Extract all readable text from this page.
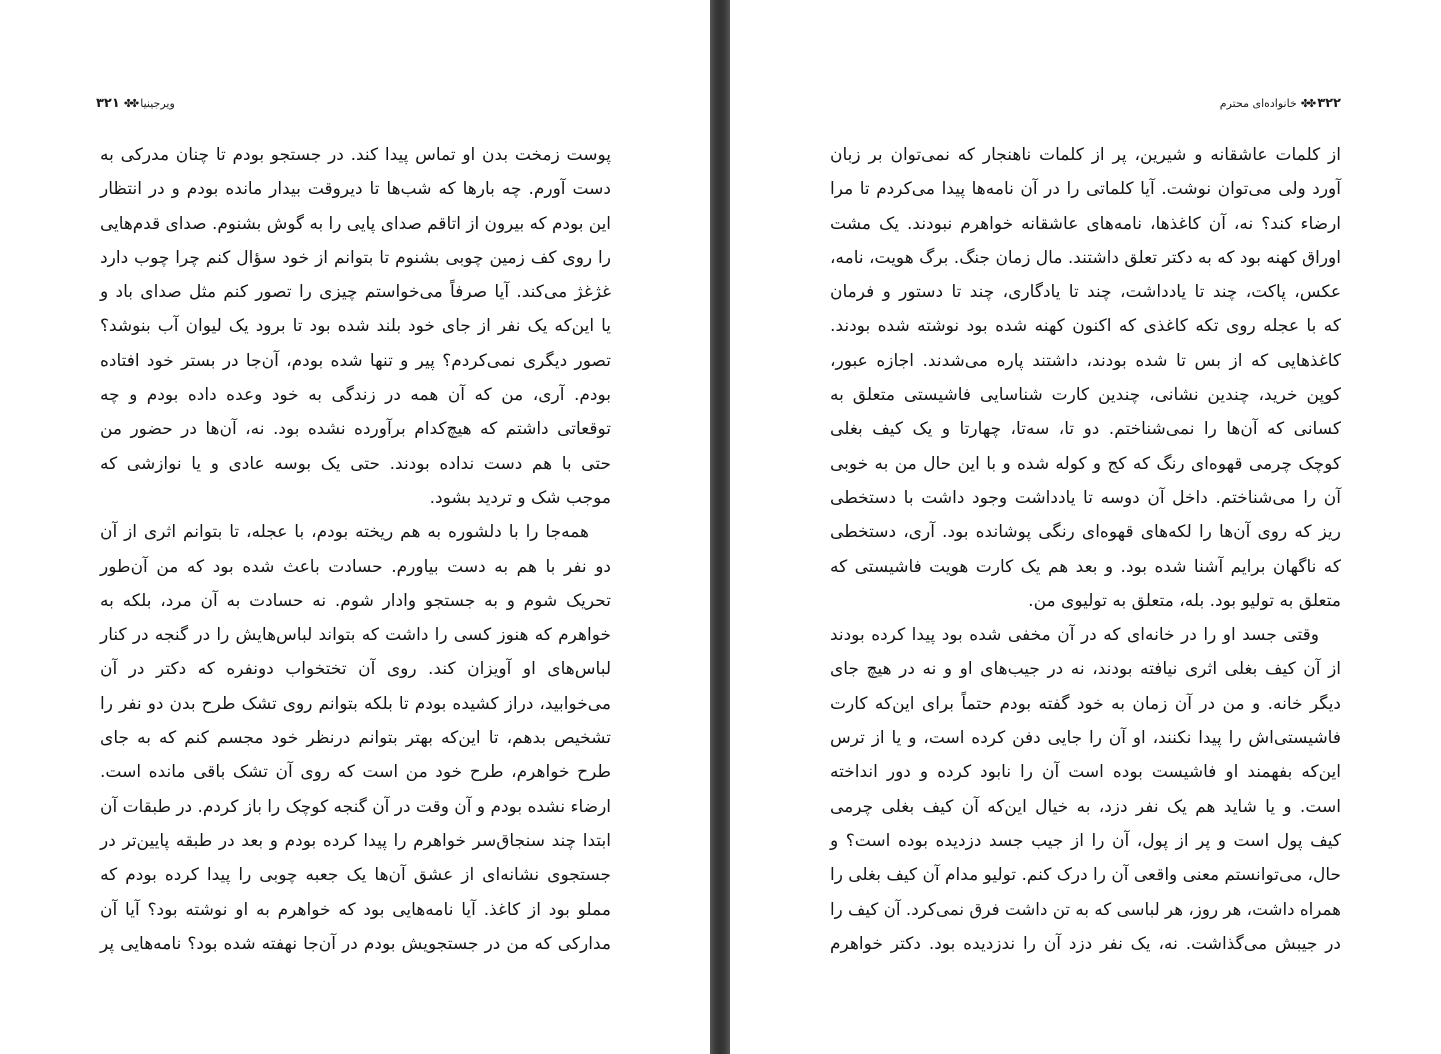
ویرجینیا
✤✤
۳۲۱
پوست زمخت بدن او تماس پیدا کند. در جستجو بودم تا چنان مدرکی به
دست آورم. چه بارها که شب‌ها تا دیروقت بیدار مانده بودم و در انتظار
این بودم که بیرون از اتاقم صدای پایی را به گوش بشنوم. صدای قدم‌هایی
را روی کف زمین چوبی بشنوم تا بتوانم از خود سؤال کنم چرا چوب دارد
غژغژ می‌کند. آیا صرفاً می‌خواستم چیزی را تصور کنم مثل صدای باد و
یا این‌که یک نفر از جای خود بلند شده بود تا برود یک لیوان آب بنوشد؟
تصور دیگری نمی‌کردم؟ پیر و تنها شده بودم، آن‌جا در بستر خود افتاده
بودم. آری، من که آن همه در زندگی به خود وعده داده بودم و چه
توقعاتی داشتم که هیچ‌کدام برآورده نشده بود. نه، آن‌ها در حضور من
حتی با هم دست نداده بودند. حتی یک بوسه عادی و یا نوازشی که
موجب شک و تردید بشود.
همه‌جا را با دلشوره به هم ریخته بودم، با عجله، تا بتوانم اثری از آن
دو نفر با هم به دست بیاورم. حسادت باعث شده بود که من آن‌طور
تحریک شوم و به جستجو وادار شوم. نه حسادت به آن مرد، بلکه به
خواهرم که هنوز کسی را داشت که بتواند لباس‌هایش را در گنجه در کنار
لباس‌های او آویزان کند. روی آن تختخواب دونفره که دکتر در آن
می‌خوابید، دراز کشیده بودم تا بلکه بتوانم روی تشک طرح بدن دو نفر را
تشخیص بدهم، تا این‌که بهتر بتوانم درنظر خود مجسم کنم که به جای
طرح خواهرم، طرح خود من است که روی آن تشک باقی مانده است.
ارضاء نشده بودم و آن وقت در آن گنجه کوچک را باز کردم. در طبقات آن
ابتدا چند سنجاق‌سر خواهرم را پیدا کرده بودم و بعد در طبقه پایین‌تر در
جستجوی نشانه‌ای از عشق آن‌ها یک جعبه چوبی را پیدا کرده بودم که
مملو بود از کاغذ. آیا نامه‌هایی بود که خواهرم به او نوشته بود؟ آیا آن
مدارکی که من در جستجویش بودم در آن‌جا نهفته شده بود؟ نامه‌هایی پر
۳۲۲
✤✤
خانواده‌ای محترم
از کلمات عاشقانه و شیرین، پر از کلمات ناهنجار که نمی‌توان بر زبان
آورد ولی می‌توان نوشت. آیا کلماتی را در آن نامه‌ها پیدا می‌کردم تا مرا
ارضاء کند؟ نه، آن کاغذها، نامه‌های عاشقانه خواهرم نبودند. یک مشت
اوراق کهنه بود که به دکتر تعلق داشتند. مال زمان جنگ. برگ هویت، نامه،
عکس، پاکت، چند تا یادداشت، چند تا یادگاری، چند تا دستور و فرمان
که با عجله روی تکه کاغذی که اکنون کهنه شده بود نوشته شده بودند.
کاغذهایی که از بس تا شده بودند، داشتند پاره می‌شدند. اجازه عبور،
کوپن خرید، چندین نشانی، چندین کارت شناسایی فاشیستی متعلق به
کسانی که آن‌ها را نمی‌شناختم. دو تا، سه‌تا، چهارتا و یک کیف بغلی
کوچک چرمی قهوه‌ای رنگ که کج و کوله شده و با این حال من به خوبی
آن را می‌شناختم. داخل آن دوسه تا یادداشت وجود داشت با دستخطی
ریز که روی آن‌ها را لکه‌های قهوه‌ای رنگی پوشانده بود. آری، دستخطی
که ناگهان برایم آشنا شده بود. و بعد هم یک کارت هویت فاشیستی که
متعلق به تولیو بود. بله، متعلق به تولیوی من.
وقتی جسد او را در خانه‌ای که در آن مخفی شده بود پیدا کرده بودند
از آن کیف بغلی اثری نیافته بودند، نه در جیب‌های او و نه در هیچ جای
دیگر خانه. و من در آن زمان به خود گفته بودم حتماً برای این‌که کارت
فاشیستی‌اش را پیدا نکنند، او آن را جایی دفن کرده است، و یا از ترس
این‌که بفهمند او فاشیست بوده است آن را نابود کرده و دور انداخته
است. و یا شاید هم یک نفر دزد، به خیال این‌که آن کیف بغلی چرمی
کیف پول است و پر از پول، آن را از جیب جسد دزدیده بوده است؟ و
حال، می‌توانستم معنی واقعی آن را درک کنم. تولیو مدام آن کیف بغلی را
همراه داشت، هر روز، هر لباسی که به تن داشت فرق نمی‌کرد. آن کیف را
در جیبش می‌گذاشت. نه، یک نفر دزد آن را ندزدیده بود. دکتر خواهرم
